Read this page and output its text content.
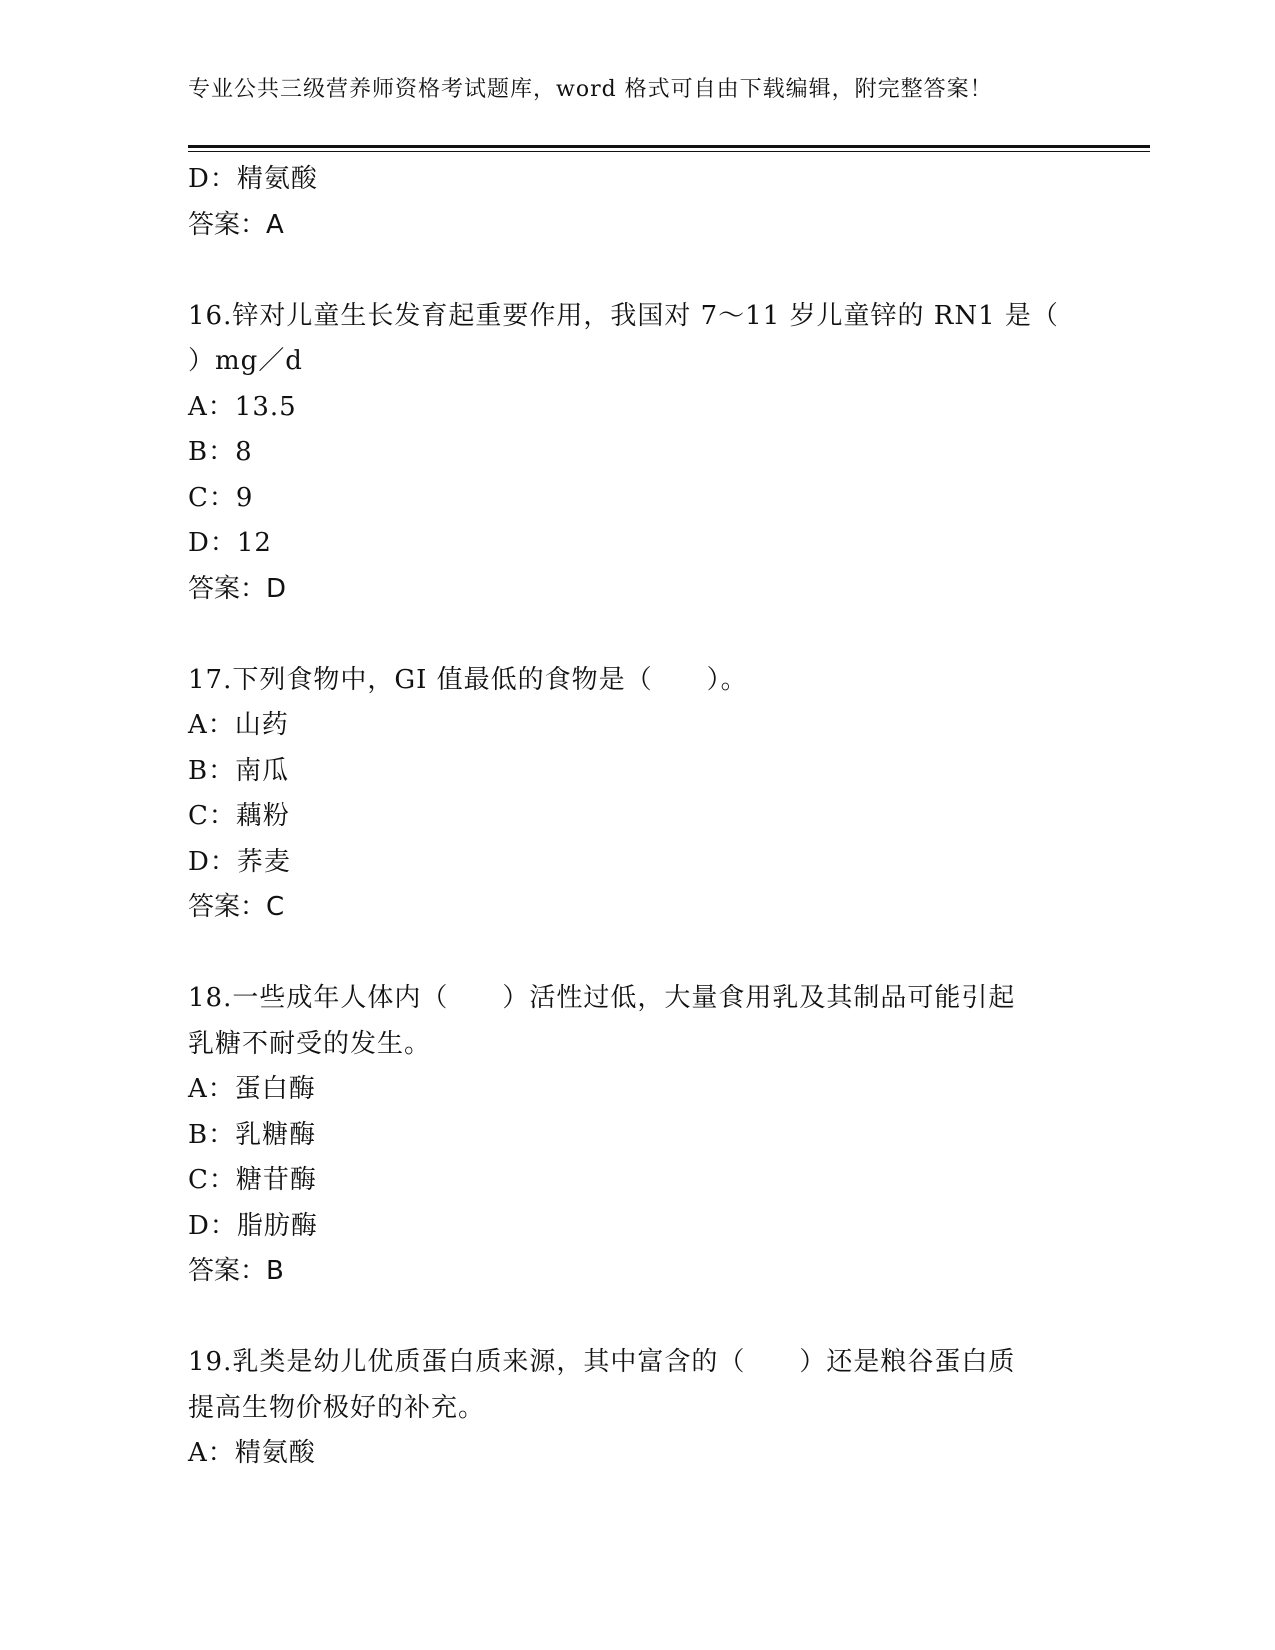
专业公共三级营养师资格考试题库，word 格式可自由下载编辑，附完整答案！
D：精氨酸
答案：A
16.锌对儿童生长发育起重要作用，我国对 7～11 岁儿童锌的 RN1 是（
）mg／d
A：13.5
B：8
C：9
D：12
答案：D
17.下列食物中，GI 值最低的食物是（　　）。
A：山药
B：南瓜
C：藕粉
D：荞麦
答案：C
18.一些成年人体内（　　）活性过低，大量食用乳及其制品可能引起
乳糖不耐受的发生。
A：蛋白酶
B：乳糖酶
C：糖苷酶
D：脂肪酶
答案：B
19.乳类是幼儿优质蛋白质来源，其中富含的（　　）还是粮谷蛋白质
提高生物价极好的补充。
A：精氨酸
